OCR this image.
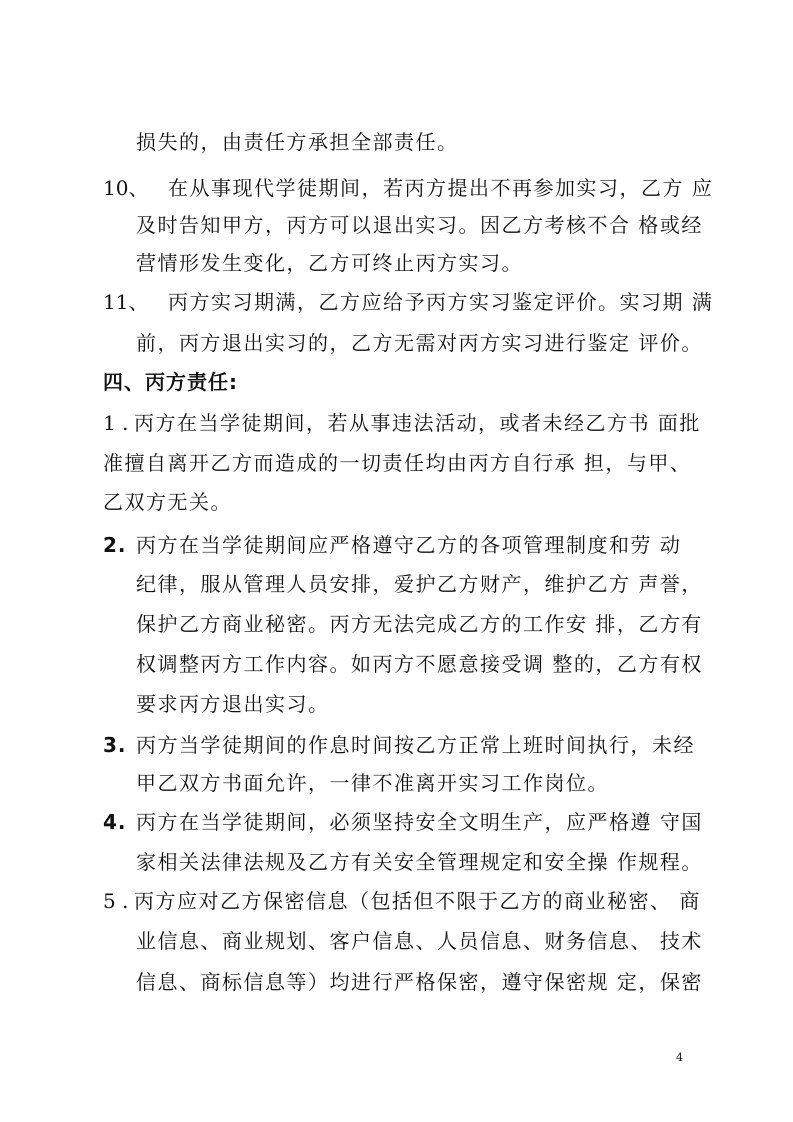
10、
11、
1 .
2.
3.
4.
5 .
损失的，由责任方承担全部责任。
在从事现代学徒期间，若丙方提出不再参加实习，乙方 应
及时告知甲方，丙方可以退出实习。因乙方考核不合 格或经
营情形发生变化，乙方可终止丙方实习。
丙方实习期满，乙方应给予丙方实习鉴定评价。实习期 满
前，丙方退出实习的，乙方无需对丙方实习进行鉴定 评价。
四、丙方责任:
丙方在当学徒期间，若从事违法活动，或者未经乙方书 面批
准擅自离开乙方而造成的一切责任均由丙方自行承 担，与甲、
乙双方无关。
丙方在当学徒期间应严格遵守乙方的各项管理制度和劳 动
纪律，服从管理人员安排，爱护乙方财产，维护乙方 声誉，
保护乙方商业秘密。丙方无法完成乙方的工作安 排，乙方有
权调整丙方工作内容。如丙方不愿意接受调 整的，乙方有权
要求丙方退出实习。
丙方当学徒期间的作息时间按乙方正常上班时间执行，未经
甲乙双方书面允许，一律不准离开实习工作岗位。
丙方在当学徒期间，必须坚持安全文明生产，应严格遵 守国
家相关法律法规及乙方有关安全管理规定和安全操 作规程。
丙方应对乙方保密信息（包括但不限于乙方的商业秘密、 商
业信息、商业规划、客户信息、人员信息、财务信息、 技术
信息、商标信息等）均进行严格保密，遵守保密规 定，保密
4
